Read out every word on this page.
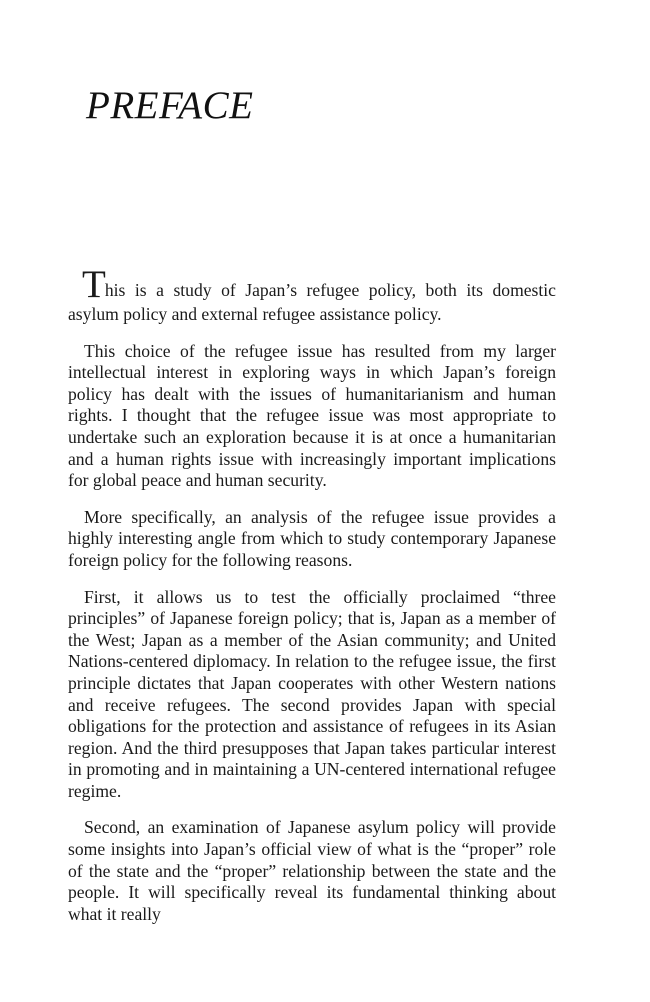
PREFACE

This is a study of Japan’s refugee policy, both its domestic asylum policy and external refugee assistance policy.

This choice of the refugee issue has resulted from my larger intellectual interest in exploring ways in which Japan’s foreign policy has dealt with the issues of humanitarianism and human rights. I thought that the refugee issue was most appropriate to undertake such an exploration because it is at once a humanitarian and a human rights issue with increasingly important implications for global peace and human security.

More specifically, an analysis of the refugee issue provides a highly interesting angle from which to study contemporary Japanese foreign policy for the following reasons.

First, it allows us to test the officially proclaimed “three principles” of Japanese foreign policy; that is, Japan as a member of the West; Japan as a member of the Asian community; and United Nations-centered diplomacy. In relation to the refugee issue, the first principle dictates that Japan cooperates with other Western nations and receive refugees. The second provides Japan with special obligations for the protection and assistance of refugees in its Asian region. And the third presupposes that Japan takes particular interest in promoting and in maintaining a UN-centered international refugee regime.

Second, an examination of Japanese asylum policy will provide some insights into Japan’s official view of what is the “proper” role of the state and the “proper” relationship between the state and the people. It will specifically reveal its fundamental thinking about what it really
